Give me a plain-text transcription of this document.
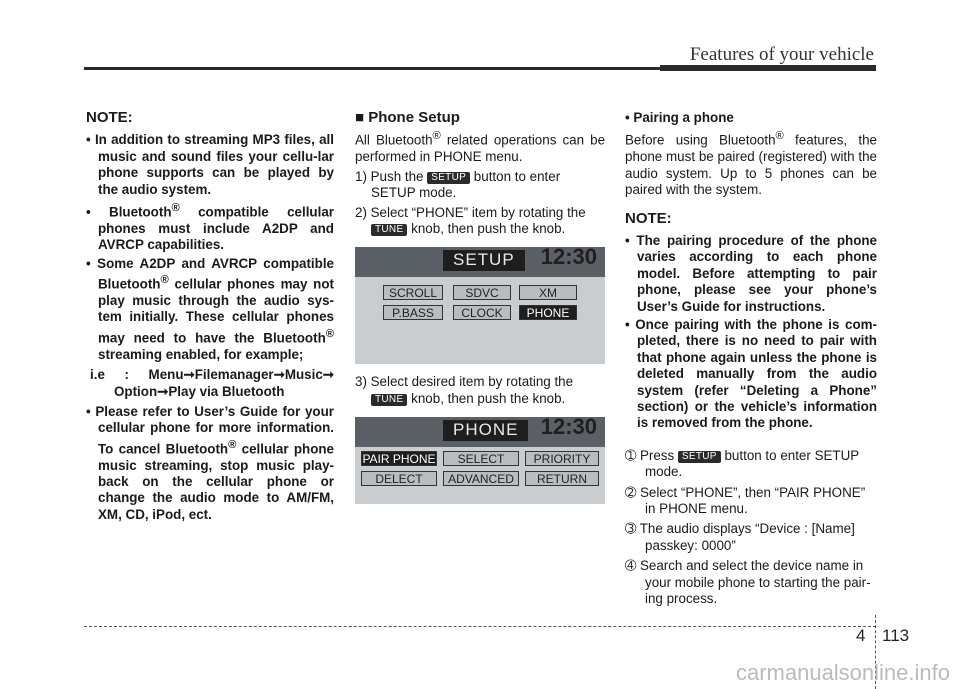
Features of your vehicle
NOTE:
• In addition to streaming MP3 files, all music and sound files your cellu-lar phone supports can be played by the audio system.
• Bluetooth® compatible cellular phones must include A2DP and AVRCP capabilities.
• Some A2DP and AVRCP compatible Bluetooth® cellular phones may not play music through the audio sys-tem initially. These cellular phones may need to have the Bluetooth® streaming enabled, for example;
i.e : Menu➞Filemanager➞Music➞ Option➞Play via Bluetooth
• Please refer to User’s Guide for your cellular phone for more information. To cancel Bluetooth® cellular phone music streaming, stop music play-back on the cellular phone or change the audio mode to AM/FM, XM, CD, iPod, ect.
■ Phone Setup
All Bluetooth® related operations can be performed in PHONE menu.
1) Push the SETUP button to enter SETUP mode.
2) Select “PHONE” item by rotating the
TUNE knob, then push the knob.
SETUP	12:30
SCROLL	SDVC	XM
P.BASS	CLOCK	PHONE
3) Select desired item by rotating the
TUNE knob, then push the knob.
PHONE	12:30
PAIR PHONE	SELECT	PRIORITY
DELECT	ADVANCED	RETURN
• Pairing a phone
Before using Bluetooth® features, the phone must be paired (registered) with the audio system. Up to 5 phones can be paired with the system.
NOTE:
• The pairing procedure of the phone varies according to each phone model. Before attempting to pair phone, please see your phone’s User’s Guide for instructions.
• Once pairing with the phone is com-pleted, there is no need to pair with that phone again unless the phone is deleted manually from the audio system (refer “Deleting a Phone” section) or the vehicle’s information is removed from the phone.
➀ Press SETUP button to enter SETUP mode.
➁ Select “PHONE”, then “PAIR PHONE” in PHONE menu.
➂ The audio displays “Device : [Name] passkey: 0000”
➃ Search and select the device name in your mobile phone to starting the pair-ing process.
4 113
carmanualsonline.info
